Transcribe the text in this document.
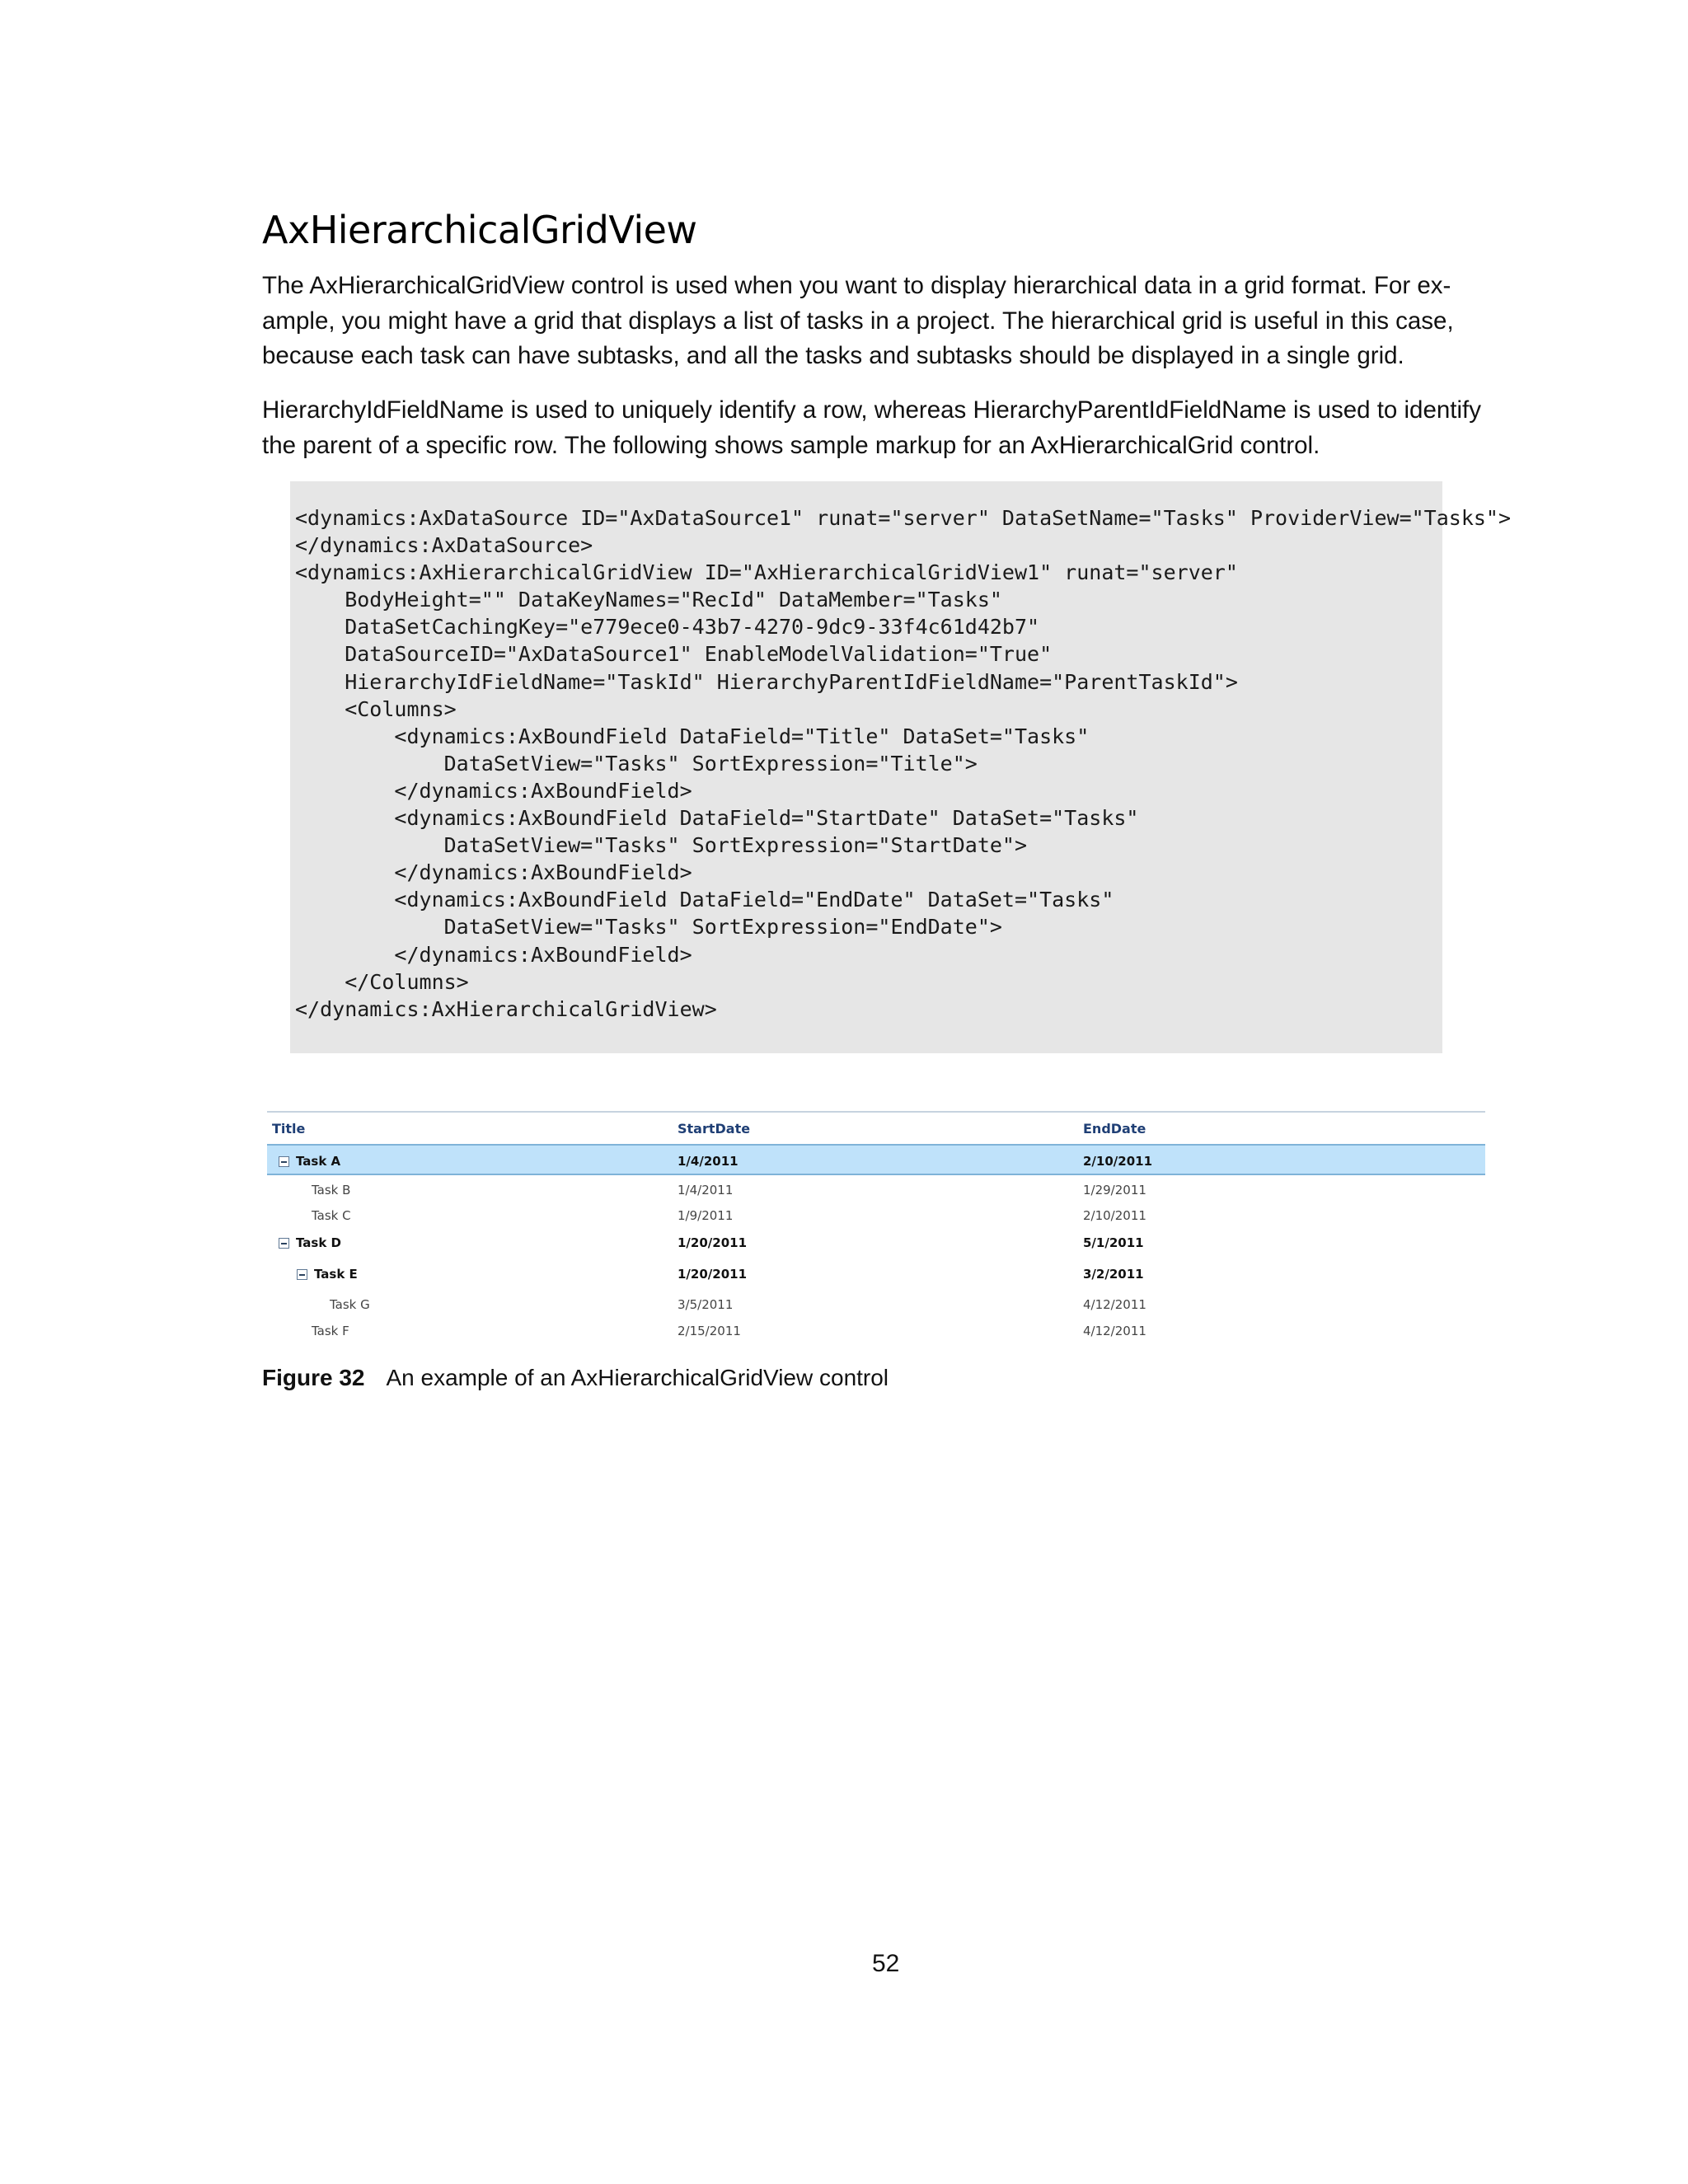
AxHierarchicalGridView

The AxHierarchicalGridView control is used when you want to display hierarchical data in a grid format. For ex-
ample, you might have a grid that displays a list of tasks in a project. The hierarchical grid is useful in this case,
because each task can have subtasks, and all the tasks and subtasks should be displayed in a single grid.

HierarchyIdFieldName is used to uniquely identify a row, whereas HierarchyParentIdFieldName is used to identify
the parent of a specific row. The following shows sample markup for an AxHierarchicalGrid control.

<dynamics:AxDataSource ID="AxDataSource1" runat="server" DataSetName="Tasks" ProviderView="Tasks">
</dynamics:AxDataSource>
<dynamics:AxHierarchicalGridView ID="AxHierarchicalGridView1" runat="server"
BodyHeight="" DataKeyNames="RecId" DataMember="Tasks"
DataSetCachingKey="e779ece0-43b7-4270-9dc9-33f4c61d42b7"
DataSourceID="AxDataSource1" EnableModelValidation="True"
HierarchyIdFieldName="TaskId" HierarchyParentIdFieldName="ParentTaskId">
<Columns>
<dynamics:AxBoundField DataField="Title" DataSet="Tasks"
DataSetView="Tasks" SortExpression="Title">
</dynamics:AxBoundField>
<dynamics:AxBoundField DataField="StartDate" DataSet="Tasks"
DataSetView="Tasks" SortExpression="StartDate">
</dynamics:AxBoundField>
<dynamics:AxBoundField DataField="EndDate" DataSet="Tasks"
DataSetView="Tasks" SortExpression="EndDate">
</dynamics:AxBoundField>
</Columns>
</dynamics:AxHierarchicalGridView>
Title	StartDate	EndDate
Task A	1/4/2011	2/10/2011
Task B	1/4/2011	1/29/2011
Task C	1/9/2011	2/10/2011
Task D	1/20/2011	5/1/2011
Task E	1/20/2011	3/2/2011
Task G	3/5/2011	4/12/2011
Task F	2/15/2011	4/12/2011
Figure 32 An example of an AxHierarchicalGridView control
52
